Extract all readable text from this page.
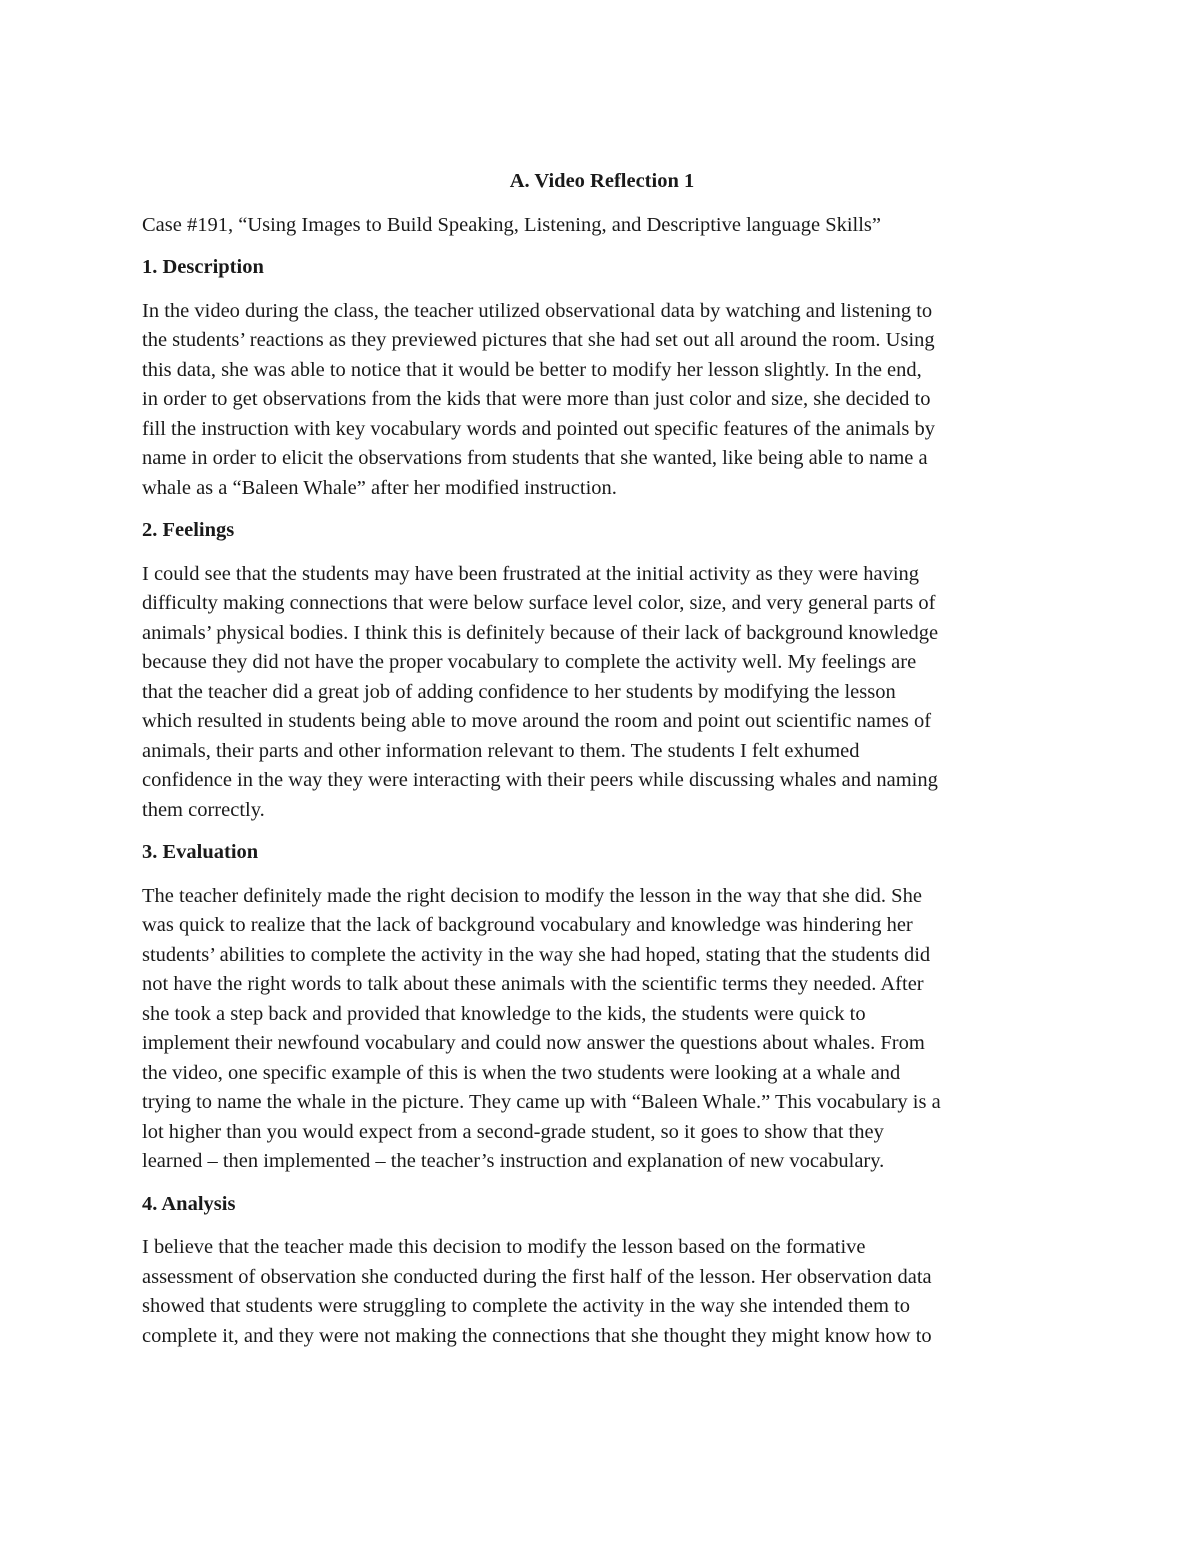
A. Video Reflection 1
Case #191, “Using Images to Build Speaking, Listening, and Descriptive language Skills”
1. Description
In the video during the class, the teacher utilized observational data by watching and listening to
the students’ reactions as they previewed pictures that she had set out all around the room. Using
this data, she was able to notice that it would be better to modify her lesson slightly. In the end,
in order to get observations from the kids that were more than just color and size, she decided to
fill the instruction with key vocabulary words and pointed out specific features of the animals by
name in order to elicit the observations from students that she wanted, like being able to name a
whale as a “Baleen Whale” after her modified instruction.
2. Feelings
I could see that the students may have been frustrated at the initial activity as they were having
difficulty making connections that were below surface level color, size, and very general parts of
animals’ physical bodies. I think this is definitely because of their lack of background knowledge
because they did not have the proper vocabulary to complete the activity well. My feelings are
that the teacher did a great job of adding confidence to her students by modifying the lesson
which resulted in students being able to move around the room and point out scientific names of
animals, their parts and other information relevant to them. The students I felt exhumed
confidence in the way they were interacting with their peers while discussing whales and naming
them correctly.
3. Evaluation
The teacher definitely made the right decision to modify the lesson in the way that she did. She
was quick to realize that the lack of background vocabulary and knowledge was hindering her
students’ abilities to complete the activity in the way she had hoped, stating that the students did
not have the right words to talk about these animals with the scientific terms they needed. After
she took a step back and provided that knowledge to the kids, the students were quick to
implement their newfound vocabulary and could now answer the questions about whales. From
the video, one specific example of this is when the two students were looking at a whale and
trying to name the whale in the picture. They came up with “Baleen Whale.” This vocabulary is a
lot higher than you would expect from a second-grade student, so it goes to show that they
learned – then implemented – the teacher’s instruction and explanation of new vocabulary.
4. Analysis
I believe that the teacher made this decision to modify the lesson based on the formative
assessment of observation she conducted during the first half of the lesson. Her observation data
showed that students were struggling to complete the activity in the way she intended them to
complete it, and they were not making the connections that she thought they might know how to
